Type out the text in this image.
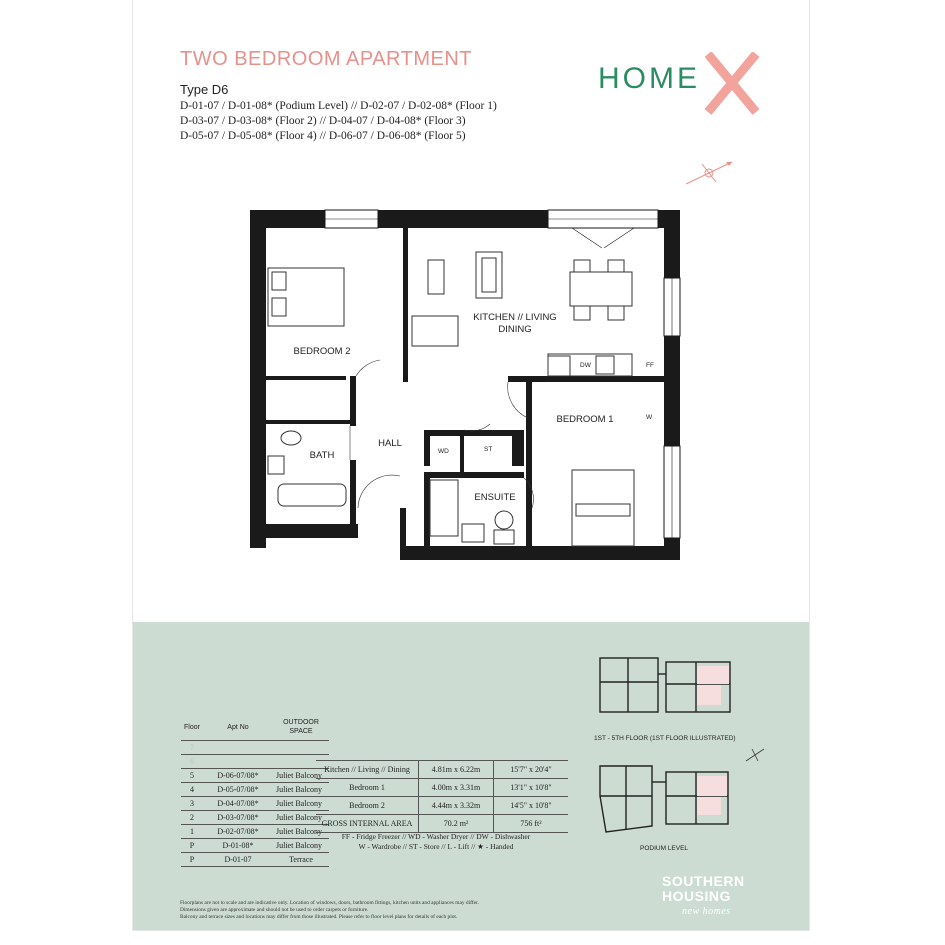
TWO BEDROOM APARTMENT
Type D6
D-01-07 / D-01-08* (Podium Level) // D-02-07 / D-02-08* (Floor 1)
D-03-07 / D-03-08* (Floor 2) // D-04-07 / D-04-08* (Floor 3)
D-05-07 / D-05-08* (Floor 4) // D-06-07 / D-06-08* (Floor 5)
HOME
BEDROOM 2
KITCHEN // LIVING
DINING
BATH
HALL
BEDROOM 1
ENSUITE
WD	ST
DW	FF
W
Floor	Apt No	OUTDOOR SPACE
7		
6		
5	D-06-07/08*	Juliet Balcony
4	D-05-07/08*	Juliet Balcony
3	D-04-07/08*	Juliet Balcony
2	D-03-07/08*	Juliet Balcony
1	D-02-07/08*	Juliet Balcony
P	D-01-08*	Juliet Balcony
P	D-01-07	Terrace
Kitchen // Living // Dining	4.81m x 6.22m	15'7" x 20'4"
Bedroom 1	4.00m x 3.31m	13'1" x 10'8"
Bedroom 2	4.44m x 3.32m	14'5" x 10'8"
GROSS INTERNAL AREA	70.2 m²	756 ft²
FF - Fridge Freezer // WD - Washer Dryer // DW - Dishwasher
W - Wardrobe // ST - Store // L - Lift // ★ - Handed
1ST - 5TH FLOOR (1ST FLOOR ILLUSTRATED)
PODIUM LEVEL
SOUTHERN
HOUSING
new homes
Floorplans are not to scale and are indicative only. Location of windows, doors, bathroom fittings, kitchen units and appliances may differ.
Dimensions given are approximate and should not be used to order carpets or furniture.
Balcony and terrace sizes and locations may differ from those illustrated. Please refer to floor level plans for details of each plot.
